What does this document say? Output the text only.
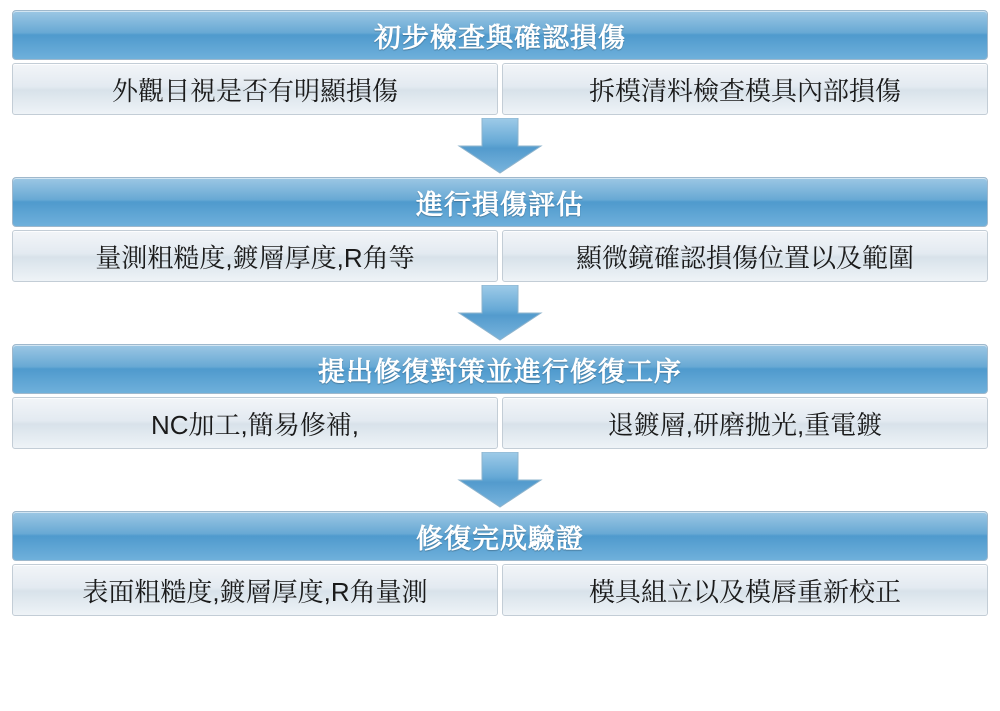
初步檢查與確認損傷
外觀目視是否有明顯損傷	拆模清料檢查模具內部損傷
進行損傷評估
量測粗糙度,鍍層厚度,R角等	顯微鏡確認損傷位置以及範圍
提出修復對策並進行修復工序
NC加工,簡易修補,	退鍍層,研磨拋光,重電鍍
修復完成驗證
表面粗糙度,鍍層厚度,R角量測	模具組立以及模唇重新校正
